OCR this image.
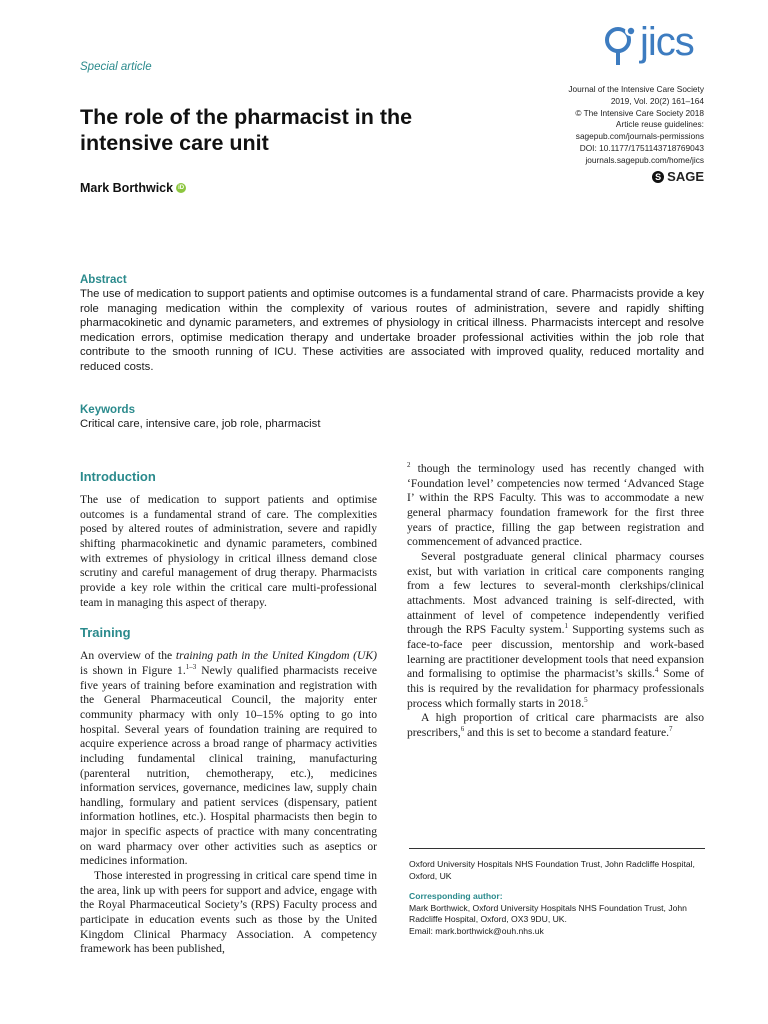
Special article
jics
Journal of the Intensive Care Society
2019, Vol. 20(2) 161–164
© The Intensive Care Society 2018
Article reuse guidelines:
sagepub.com/journals-permissions
DOI: 10.1177/1751143718769043
journals.sagepub.com/home/jics
S SAGE
The role of the pharmacist in the intensive care unit
Mark Borthwick iD
Abstract
The use of medication to support patients and optimise outcomes is a fundamental strand of care. Pharmacists provide a key role managing medication within the complexity of various routes of administration, severe and rapidly shifting pharmacokinetic and dynamic parameters, and extremes of physiology in critical illness. Pharmacists intercept and resolve medication errors, optimise medication therapy and undertake broader professional activities within the job role that contribute to the smooth running of ICU. These activities are associated with improved quality, reduced mortality and reduced costs.
Keywords
Critical care, intensive care, job role, pharmacist
Introduction

The use of medication to support patients and optimise outcomes is a fundamental strand of care. The complexities posed by altered routes of administration, severe and rapidly shifting pharmacokinetic and dynamic parameters, combined with extremes of physiology in critical illness demand close scrutiny and careful management of drug therapy. Pharmacists provide a key role within the critical care multi-professional team in managing this aspect of therapy.

Training

An overview of the training path in the United Kingdom (UK) is shown in Figure 1.$^{1-3}$ Newly qualified pharmacists receive five years of training before examination and registration with the General Pharmaceutical Council, the majority enter community pharmacy with only 10–15% opting to go into hospital. Several years of foundation training are required to acquire experience across a broad range of pharmacy activities including fundamental clinical training, manufacturing (parenteral nutrition, chemotherapy, etc.), medicines information services, governance, medicines law, supply chain handling, formulary and patient services (dispensary, patient information hotlines, etc.). Hospital pharmacists then begin to major in specific aspects of practice with many concentrating on ward pharmacy over other activities such as aseptics or medicines information.

Those interested in progressing in critical care spend time in the area, link up with peers for support and advice, engage with the Royal Pharmaceutical Society’s (RPS) Faculty process and participate in education events such as those by the United Kingdom Clinical Pharmacy Association. A competency framework has been published,

$^2$ though the terminology used has recently changed with ‘Foundation level’ competencies now termed ‘Advanced Stage I’ within the RPS Faculty. This was to accommodate a new general pharmacy foundation framework for the first three years of practice, filling the gap between registration and commencement of advanced practice.

Several postgraduate general clinical pharmacy courses exist, but with variation in critical care components ranging from a few lectures to several-month clerkships/clinical attachments. Most advanced training is self-directed, with attainment of level of competence independently verified through the RPS Faculty system.$^1$ Supporting systems such as face-to-face peer discussion, mentorship and work-based learning are practitioner development tools that need expansion and formalising to optimise the pharmacist’s skills.$^4$ Some of this is required by the revalidation for pharmacy professionals process which formally starts in 2018.$^5$

A high proportion of critical care pharmacists are also prescribers,$^6$ and this is set to become a standard feature.$^7$

Oxford University Hospitals NHS Foundation Trust, John Radcliffe Hospital, Oxford, UK

Corresponding author:

Mark Borthwick, Oxford University Hospitals NHS Foundation Trust, John Radcliffe Hospital, Oxford, OX3 9DU, UK.

Email: mark.borthwick@ouh.nhs.uk
